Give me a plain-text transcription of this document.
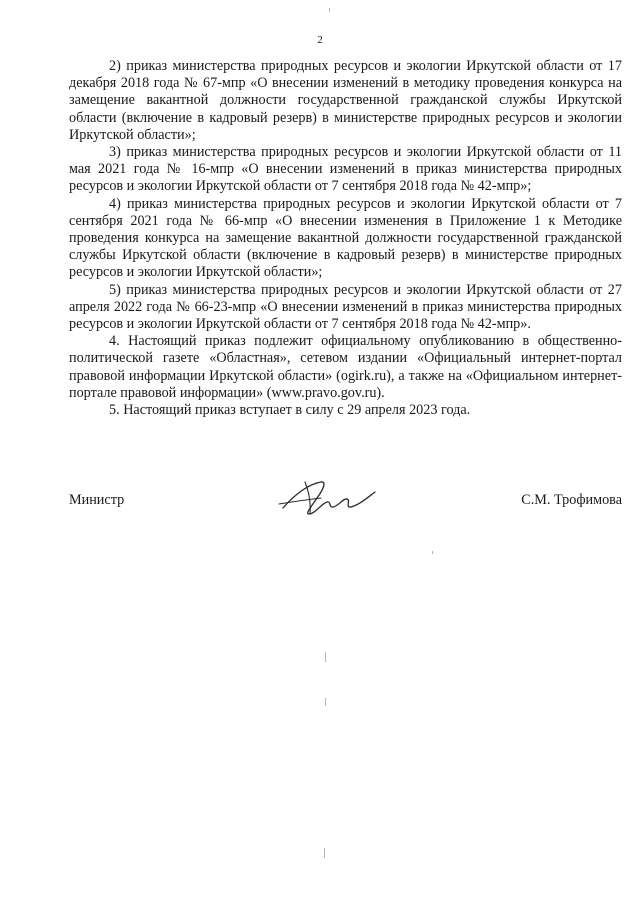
2

2) приказ министерства природных ресурсов и экологии Иркутской области от 17 декабря 2018 года № 67-мпр «О внесении изменений в методику проведения конкурса на замещение вакантной должности государственной гражданской службы Иркутской области (включение в кадровый резерв) в министерстве природных ресурсов и экологии Иркутской области»;

3) приказ министерства природных ресурсов и экологии Иркутской области от 11 мая 2021 года № 16-мпр «О внесении изменений в приказ министерства природных ресурсов и экологии Иркутской области от 7 сентября 2018 года № 42-мпр»;

4) приказ министерства природных ресурсов и экологии Иркутской области от 7 сентября 2021 года № 66-мпр «О внесении изменения в Приложение 1 к Методике проведения конкурса на замещение вакантной должности государственной гражданской службы Иркутской области (включение в кадровый резерв) в министерстве природных ресурсов и экологии Иркутской области»;

5) приказ министерства природных ресурсов и экологии Иркутской области от 27 апреля 2022 года № 66-23-мпр «О внесении изменений в приказ министерства природных ресурсов и экологии Иркутской области от 7 сентября 2018 года № 42-мпр».

4. Настоящий приказ подлежит официальному опубликованию в общественно-политической газете «Областная», сетевом издании «Официальный интернет-портал правовой информации Иркутской области» (ogirk.ru), а также на «Официальном интернет-портале правовой информации» (www.pravo.gov.ru).

5. Настоящий приказ вступает в силу с 29 апреля 2023 года.

Министр	С.М. Трофимова
